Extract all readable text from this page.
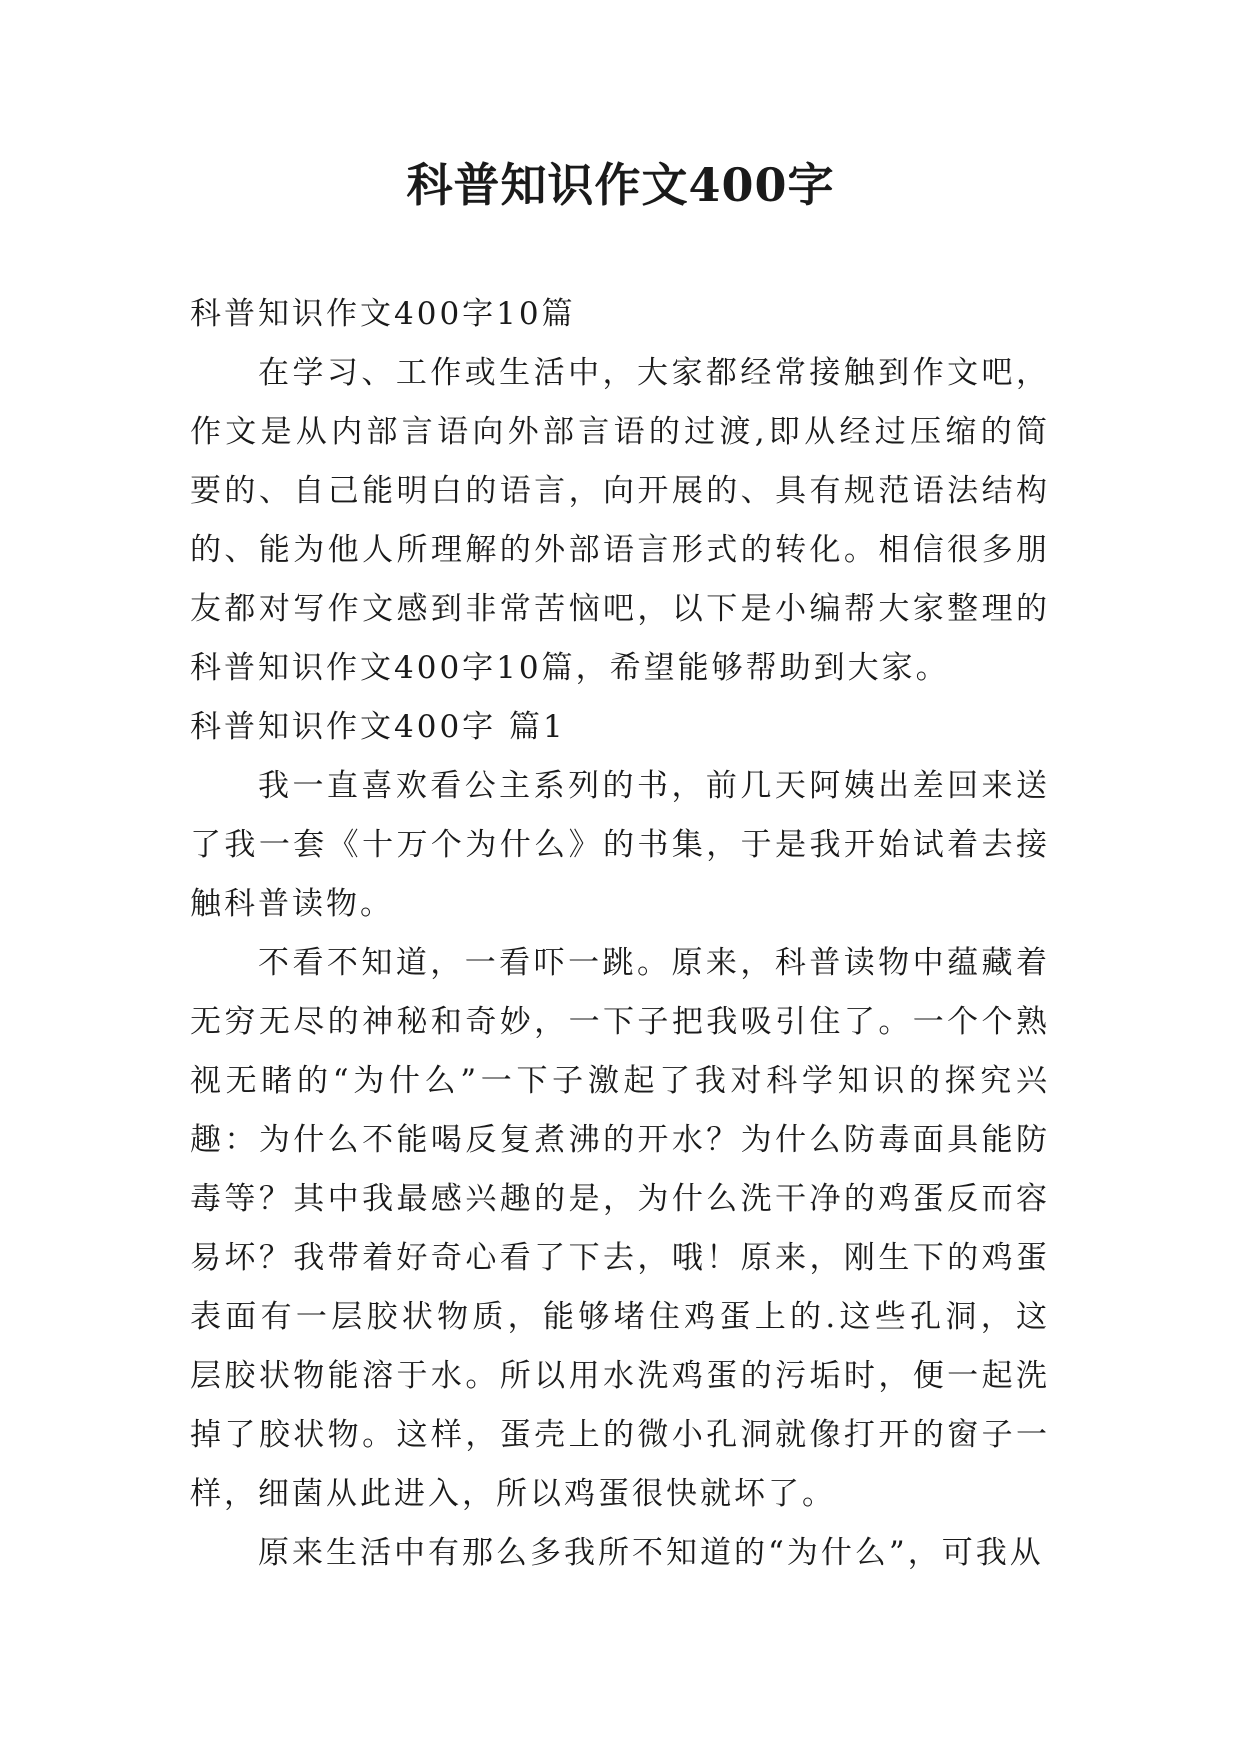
科普知识作文400字

科普知识作文400字10篇

在学习、工作或生活中，大家都经常接触到作文吧，作文是从内部言语向外部言语的过渡,即从经过压缩的简要的、自己能明白的语言，向开展的、具有规范语法结构的、能为他人所理解的外部语言形式的转化。相信很多朋友都对写作文感到非常苦恼吧，以下是小编帮大家整理的科普知识作文400字10篇，希望能够帮助到大家。

科普知识作文400字 篇1

我一直喜欢看公主系列的书，前几天阿姨出差回来送了我一套《十万个为什么》的书集，于是我开始试着去接触科普读物。

不看不知道，一看吓一跳。原来，科普读物中蕴藏着无穷无尽的神秘和奇妙，一下子把我吸引住了。一个个熟视无睹的“为什么”一下子激起了我对科学知识的探究兴趣：为什么不能喝反复煮沸的开水？为什么防毒面具能防毒等？其中我最感兴趣的是，为什么洗干净的鸡蛋反而容易坏？我带着好奇心看了下去，哦！原来，刚生下的鸡蛋表面有一层胶状物质，能够堵住鸡蛋上的.这些孔洞，这层胶状物能溶于水。所以用水洗鸡蛋的污垢时，便一起洗掉了胶状物。这样，蛋壳上的微小孔洞就像打开的窗子一样，细菌从此进入，所以鸡蛋很快就坏了。

原来生活中有那么多我所不知道的“为什么”，可我从
